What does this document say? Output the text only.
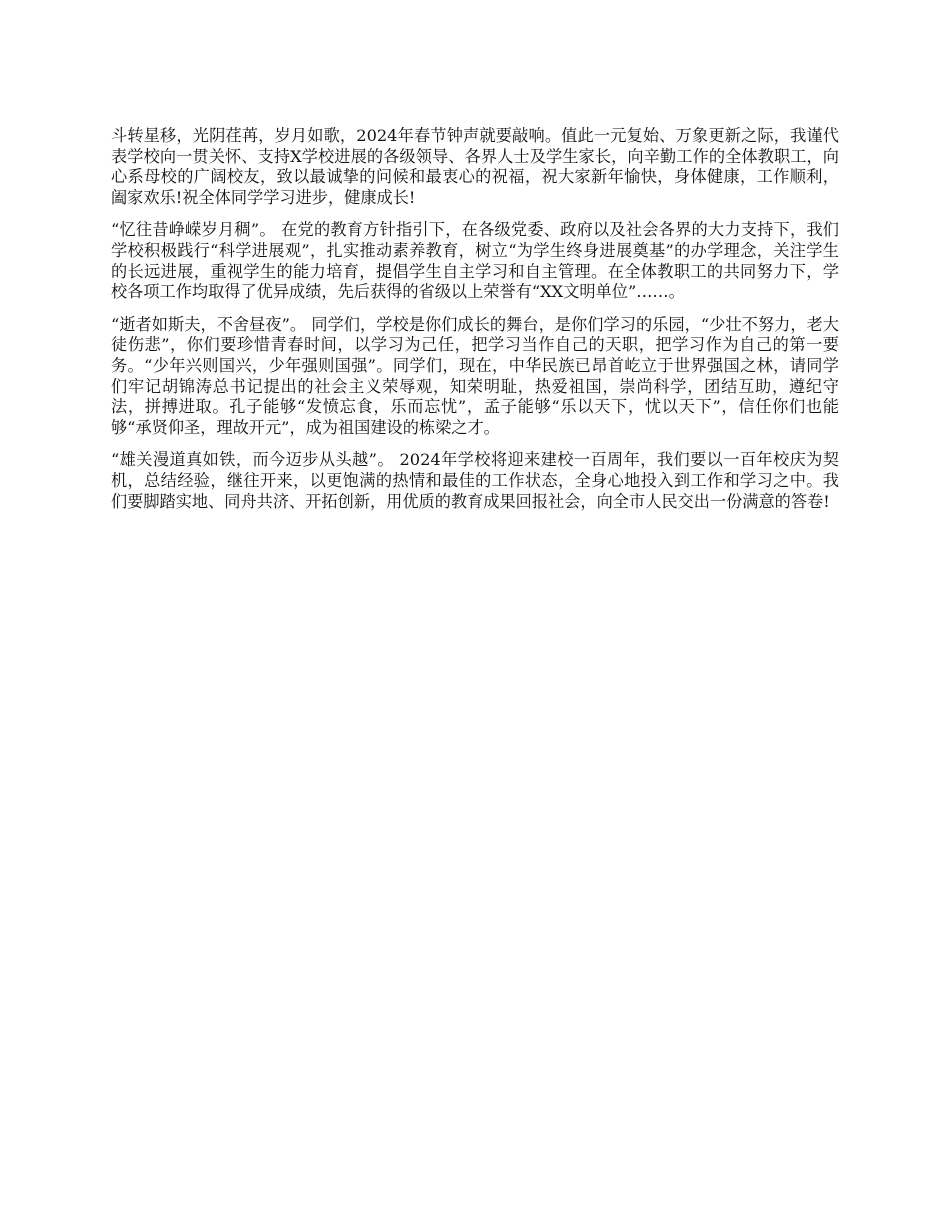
斗转星移，光阴荏苒，岁月如歌，2024年春节钟声就要敲响。值此一元复始、万象更新之际，我谨代表学校向一贯关怀、支持X学校进展的各级领导、各界人士及学生家长，向辛勤工作的全体教职工，向心系母校的广阔校友，致以最诚挚的问候和最衷心的祝福，祝大家新年愉快，身体健康，工作顺利，阖家欢乐!祝全体同学学习进步，健康成长!

“忆往昔峥嵘岁月稠”。 在党的教育方针指引下，在各级党委、政府以及社会各界的大力支持下，我们学校积极践行“科学进展观”，扎实推动素养教育，树立“为学生终身进展奠基”的办学理念，关注学生的长远进展，重视学生的能力培育，提倡学生自主学习和自主管理。在全体教职工的共同努力下，学校各项工作均取得了优异成绩，先后获得的省级以上荣誉有“XX文明单位”……。

“逝者如斯夫，不舍昼夜”。 同学们，学校是你们成长的舞台，是你们学习的乐园，“少壮不努力，老大徒伤悲”，你们要珍惜青春时间，以学习为己任，把学习当作自己的天职，把学习作为自己的第一要务。“少年兴则国兴，少年强则国强”。同学们，现在，中华民族已昂首屹立于世界强国之林，请同学们牢记胡锦涛总书记提出的社会主义荣辱观，知荣明耻，热爱祖国，崇尚科学，团结互助，遵纪守法，拼搏进取。孔子能够“发愤忘食，乐而忘忧”，孟子能够“乐以天下，忧以天下”，信任你们也能够“承贤仰圣，理故开元”，成为祖国建设的栋梁之才。

“雄关漫道真如铁，而今迈步从头越”。 2024年学校将迎来建校一百周年，我们要以一百年校庆为契机，总结经验，继往开来，以更饱满的热情和最佳的工作状态，全身心地投入到工作和学习之中。我们要脚踏实地、同舟共济、开拓创新，用优质的教育成果回报社会，向全市人民交出一份满意的答卷!
